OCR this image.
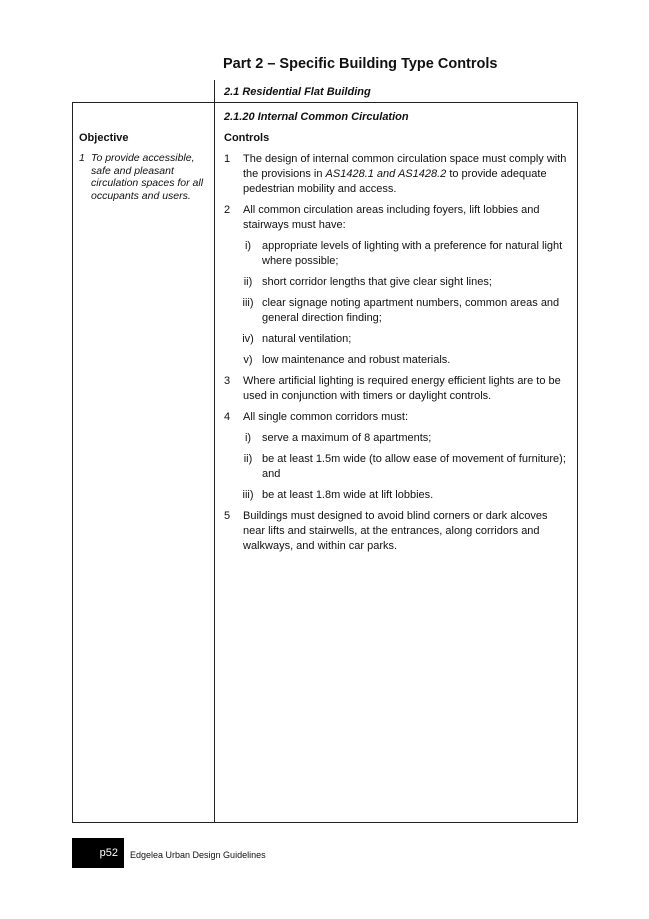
Part 2 – Specific Building Type Controls
2.1 Residential Flat Building
Objective
1 To provide accessible, safe and pleasant circulation spaces for all occupants and users.
2.1.20 Internal Common Circulation
Controls
1	The design of internal common circulation space must comply with the provisions in AS1428.1 and AS1428.2 to provide adequate pedestrian mobility and access.
2	All common circulation areas including foyers, lift lobbies and stairways must have:
i) appropriate levels of lighting with a preference for natural light where possible;
ii) short corridor lengths that give clear sight lines;
iii) clear signage noting apartment numbers, common areas and general direction finding;
iv) natural ventilation;
v) low maintenance and robust materials.
3	Where artificial lighting is required energy efficient lights are to be used in conjunction with timers or daylight controls.
4	All single common corridors must:
i) serve a maximum of 8 apartments;
ii) be at least 1.5m wide (to allow ease of movement of furniture); and
iii) be at least 1.8m wide at lift lobbies.
5	Buildings must designed to avoid blind corners or dark alcoves near lifts and stairwells, at the entrances, along corridors and walkways, and within car parks.
p52	Edgelea Urban Design Guidelines
